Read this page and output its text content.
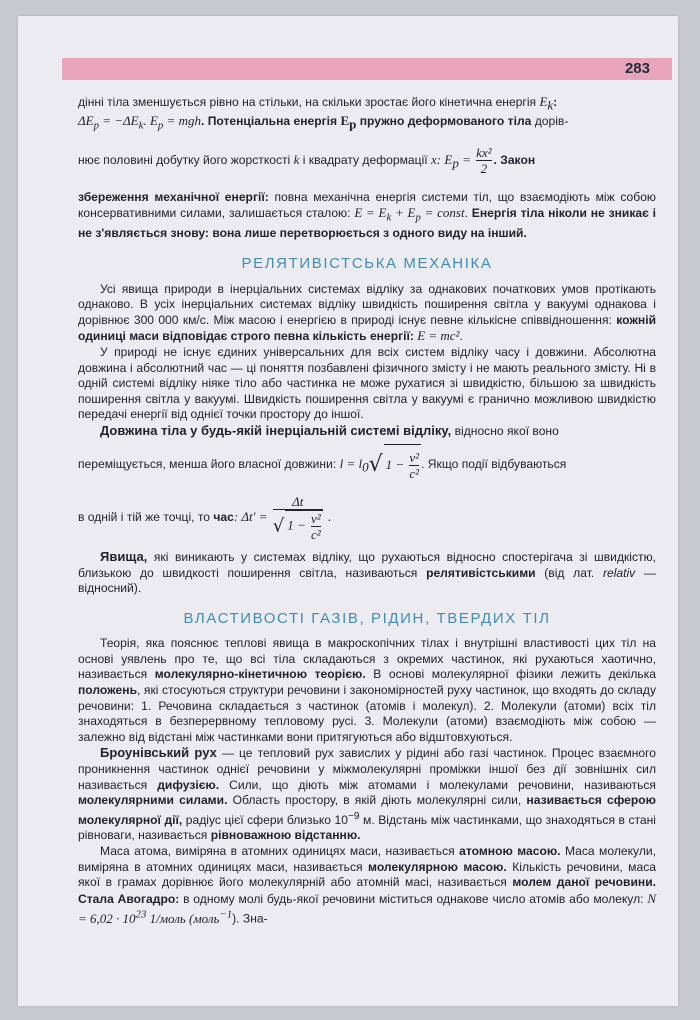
283

дінні тіла зменшується рівно на стільки, на скільки зростає його кінетична енергія $E_k$:
$\Delta E_p = -\Delta E_k$. $E_p$ = mgh. Потенціальна енергія $E_p$ пружно деформованого тіла дорів-

нює половині добутку його жорсткості k і квадрату деформації x: $E_p = \frac{\text{kx²}}{2}$ . Закон

збереження механічної енергії: повна механічна енергія системи тіл, що взаємодіють між собою консервативними силами, залишається сталою: $E = E_k + E_p$ = const. Енергія тіла ніколи не зникає і не з'являється знову: вона лише перетворюється з одного виду на інший.

РЕЛЯТИВІСТСЬКА МЕХАНІКА

Усі явища природи в інерціальних системах відліку за однакових початкових умов протікають однаково. В усіх інерціальних системах відліку швидкість поширення світла у вакуумі однакова і дорівнює 300 000 км/с. Між масою і енергією в природі існує певне кількісне співвідношення: кожній одиниці маси відповідає строго певна кількість енергії: E = mc².

У природі не існує єдиних універсальних для всіх систем відліку часу і довжини. Абсолютна довжина і абсолютний час — ці поняття позбавлені фізичного змісту і не мають реального змісту. Ні в одній системі відліку ніяке тіло або частинка не може рухатися зі швидкістю, більшою за швидкість поширення світла у вакуумі. Швидкість поширення світла у вакуумі є гранично можливою швидкістю передачі енергії від однієї точки простору до іншої.

Довжина тіла у будь-якій інерціальній системі відліку, відносно якої воно

переміщується, менша його власної довжини: $l = l_0√$ $1 - \frac{\text{v²}}{\text{c²}}$ . Якщо події відбуваються

в одній і тій же точці, то час: $\Delta t' = \frac{\Delta t}{√ 1 - \frac{\text{v²}}{\text{c²}}}$ .

Явища, які виникають у системах відліку, що рухаються відносно спостерігача зі швидкістю, близькою до швидкості поширення світла, називаються релятивістськими (від лат. relativ — відносний).

ВЛАСТИВОСТІ ГАЗІВ, РІДИН, ТВЕРДИХ ТІЛ

Теорія, яка пояснює теплові явища в макроскопічних тілах і внутрішні властивості цих тіл на основі уявлень про те, що всі тіла складаються з окремих частинок, які рухаються хаотично, називається молекулярно-кінетичною теорією. В основі молекулярної фізики лежить декілька положень, які стосуються структури речовини і закономірностей руху частинок, що входять до складу речовини: 1. Речовина складається з частинок (атомів і молекул). 2. Молекули (атоми) всіх тіл знаходяться в безперервному тепловому русі. 3. Молекули (атоми) взаємодіють між собою — залежно від відстані між частинками вони притягуються або відштовхуються.

Броунівський рух — це тепловий рух завислих у рідині або газі частинок. Процес взаємного проникнення частинок однієї речовини у міжмолекулярні проміжки іншої без дії зовнішніх сил називається дифузією. Сили, що діють між атомами і молекулами речовини, називаються молекулярними силами. Область простору, в якій діють молекулярні сили, називається сферою молекулярної дії, радіус цієї сфери близько $10^{-9}$ м. Відстань між частинками, що знаходяться в стані рівноваги, називається рівноважною відстанню.

Маса атома, виміряна в атомних одиницях маси, називається атомною масою. Маса молекули, виміряна в атомних одиницях маси, називається молекулярною масою. Кількість речовини, маса якої в грамах дорівнює його молекулярній або атомній масі, називається молем даної речовини. Стала Авогадро: в одному молі будь-якої речовини міститься однакове число атомів або молекул: $N = 6,02 \cdot 10^{23}$ 1/моль (моль$^{-1}$). Зна-
